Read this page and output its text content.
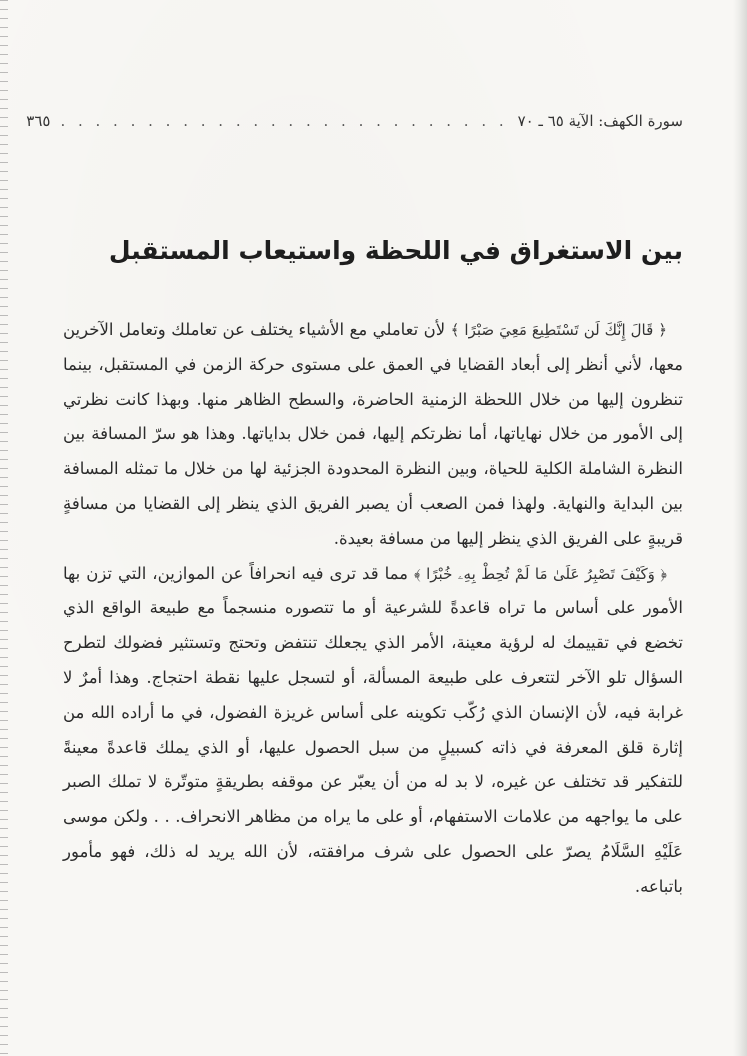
سورة الكهف: الآية ٦٥ ـ ٧٠
. . . . . . . . . . . . . . . . . . . . . . . . . .
٣٦٥
بين الاستغراق في اللحظة واستيعاب المستقبل

﴿ قَالَ إِنَّكَ لَن تَسْتَطِيعَ مَعِيَ صَبْرًا ﴾ لأن تعاملي مع الأشياء يختلف عن تعاملك وتعامل الآخرين معها، لأني أنظر إلى أبعاد القضايا في العمق على مستوى حركة الزمن في المستقبل، بينما تنظرون إليها من خلال اللحظة الزمنية الحاضرة، والسطح الظاهر منها. وبهذا كانت نظرتي إلى الأمور من خلال نهاياتها، أما نظرتكم إليها، فمن خلال بداياتها. وهذا هو سرّ المسافة بين النظرة الشاملة الكلية للحياة، وبين النظرة المحدودة الجزئية لها من خلال ما تمثله المسافة بين البداية والنهاية. ولهذا فمن الصعب أن يصبر الفريق الذي ينظر إلى القضايا من مسافةٍ قريبةٍ على الفريق الذي ينظر إليها من مسافة بعيدة.

﴿ وَكَيْفَ تَصْبِرُ عَلَىٰ مَا لَمْ تُحِطْ بِهِۦ خُبْرًا ﴾ مما قد ترى فيه انحرافاً عن الموازين، التي تزن بها الأمور على أساس ما تراه قاعدةً للشرعية أو ما تتصوره منسجماً مع طبيعة الواقع الذي تخضع في تقييمك له لرؤية معينة، الأمر الذي يجعلك تنتفض وتحتج وتستثير فضولك لتطرح السؤال تلو الآخر لتتعرف على طبيعة المسألة، أو لتسجل عليها نقطة احتجاج. وهذا أمرٌ لا غرابة فيه، لأن الإنسان الذي رُكّب تكوينه على أساس غريزة الفضول، في ما أراده الله من إثارة قلق المعرفة في ذاته كسبيلٍ من سبل الحصول عليها، أو الذي يملك قاعدةً معينةً للتفكير قد تختلف عن غيره، لا بد له من أن يعبّر عن موقفه بطريقةٍ متوتّرة لا تملك الصبر على ما يواجهه من علامات الاستفهام، أو على ما يراه من مظاهر الانحراف. . . ولكن موسى عَلَيْهِ السَّلَامُ يصرّ على الحصول على شرف مرافقته، لأن الله يريد له ذلك، فهو مأمور باتباعه.
